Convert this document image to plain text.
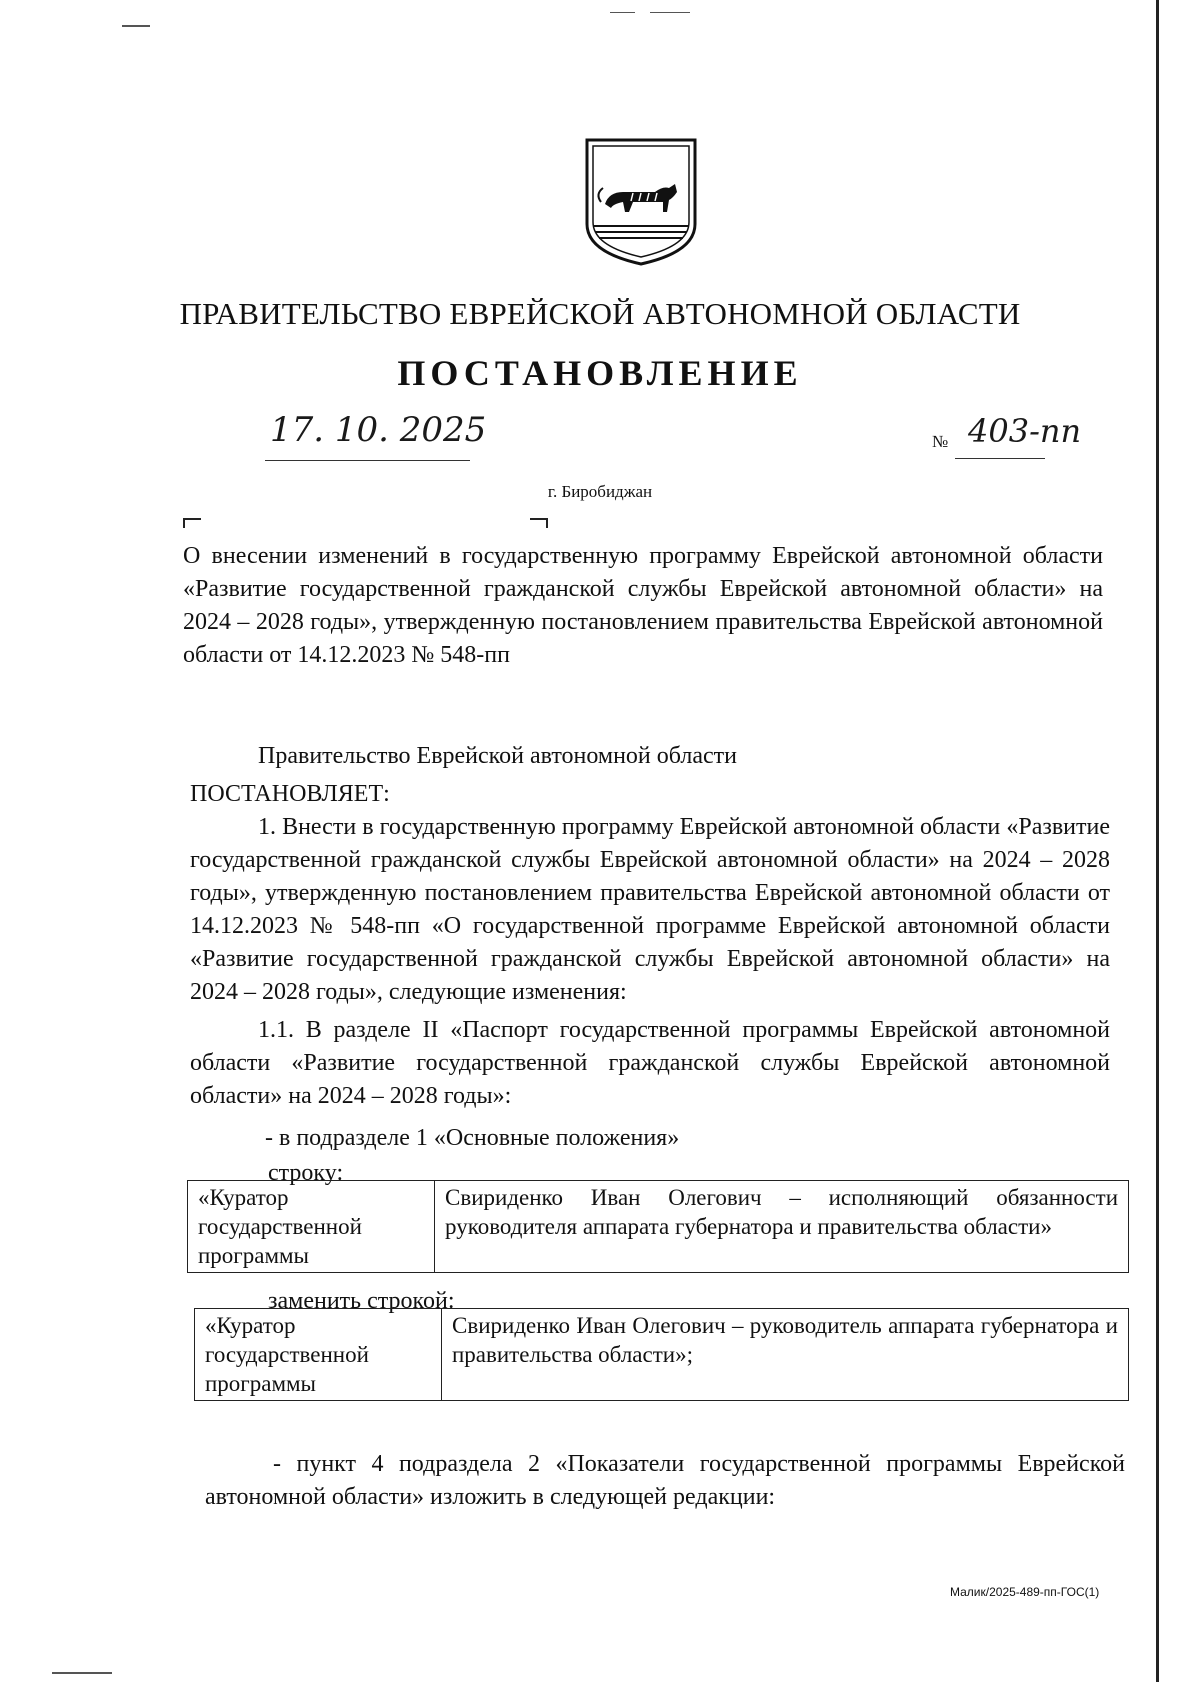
ПРАВИТЕЛЬСТВО ЕВРЕЙСКОЙ АВТОНОМНОЙ ОБЛАСТИ
ПОСТАНОВЛЕНИЕ
17. 10. 2025	№ 403-пп
г. Биробиджан
О внесении изменений в государственную программу Еврейской автономной области «Развитие государственной гражданской службы Еврейской автономной области» на 2024 – 2028 годы», утвержденную постановлением правительства Еврейской автономной области от 14.12.2023 № 548-пп
Правительство Еврейской автономной области
ПОСТАНОВЛЯЕТ:
1. Внести в государственную программу Еврейской автономной области «Развитие государственной гражданской службы Еврейской автономной области» на 2024 – 2028 годы», утвержденную постановлением правительства Еврейской автономной области от 14.12.2023 № 548-пп «О государственной программе Еврейской автономной области «Развитие государственной гражданской службы Еврейской автономной области» на 2024 – 2028 годы», следующие изменения:
1.1. В разделе II «Паспорт государственной программы Еврейской автономной области «Развитие государственной гражданской службы Еврейской автономной области» на 2024 – 2028 годы»:
- в подразделе 1 «Основные положения»
строку:
«Куратор государственной программы	Свириденко Иван Олегович – исполняющий обязанности руководителя аппарата губернатора и правительства области»
заменить строкой:
«Куратор государственной программы	Свириденко Иван Олегович – руководитель аппарата губернатора и правительства области»;
- пункт 4 подраздела 2 «Показатели государственной программы Еврейской автономной области» изложить в следующей редакции:
Малик/2025-489-пп-ГОС(1)
